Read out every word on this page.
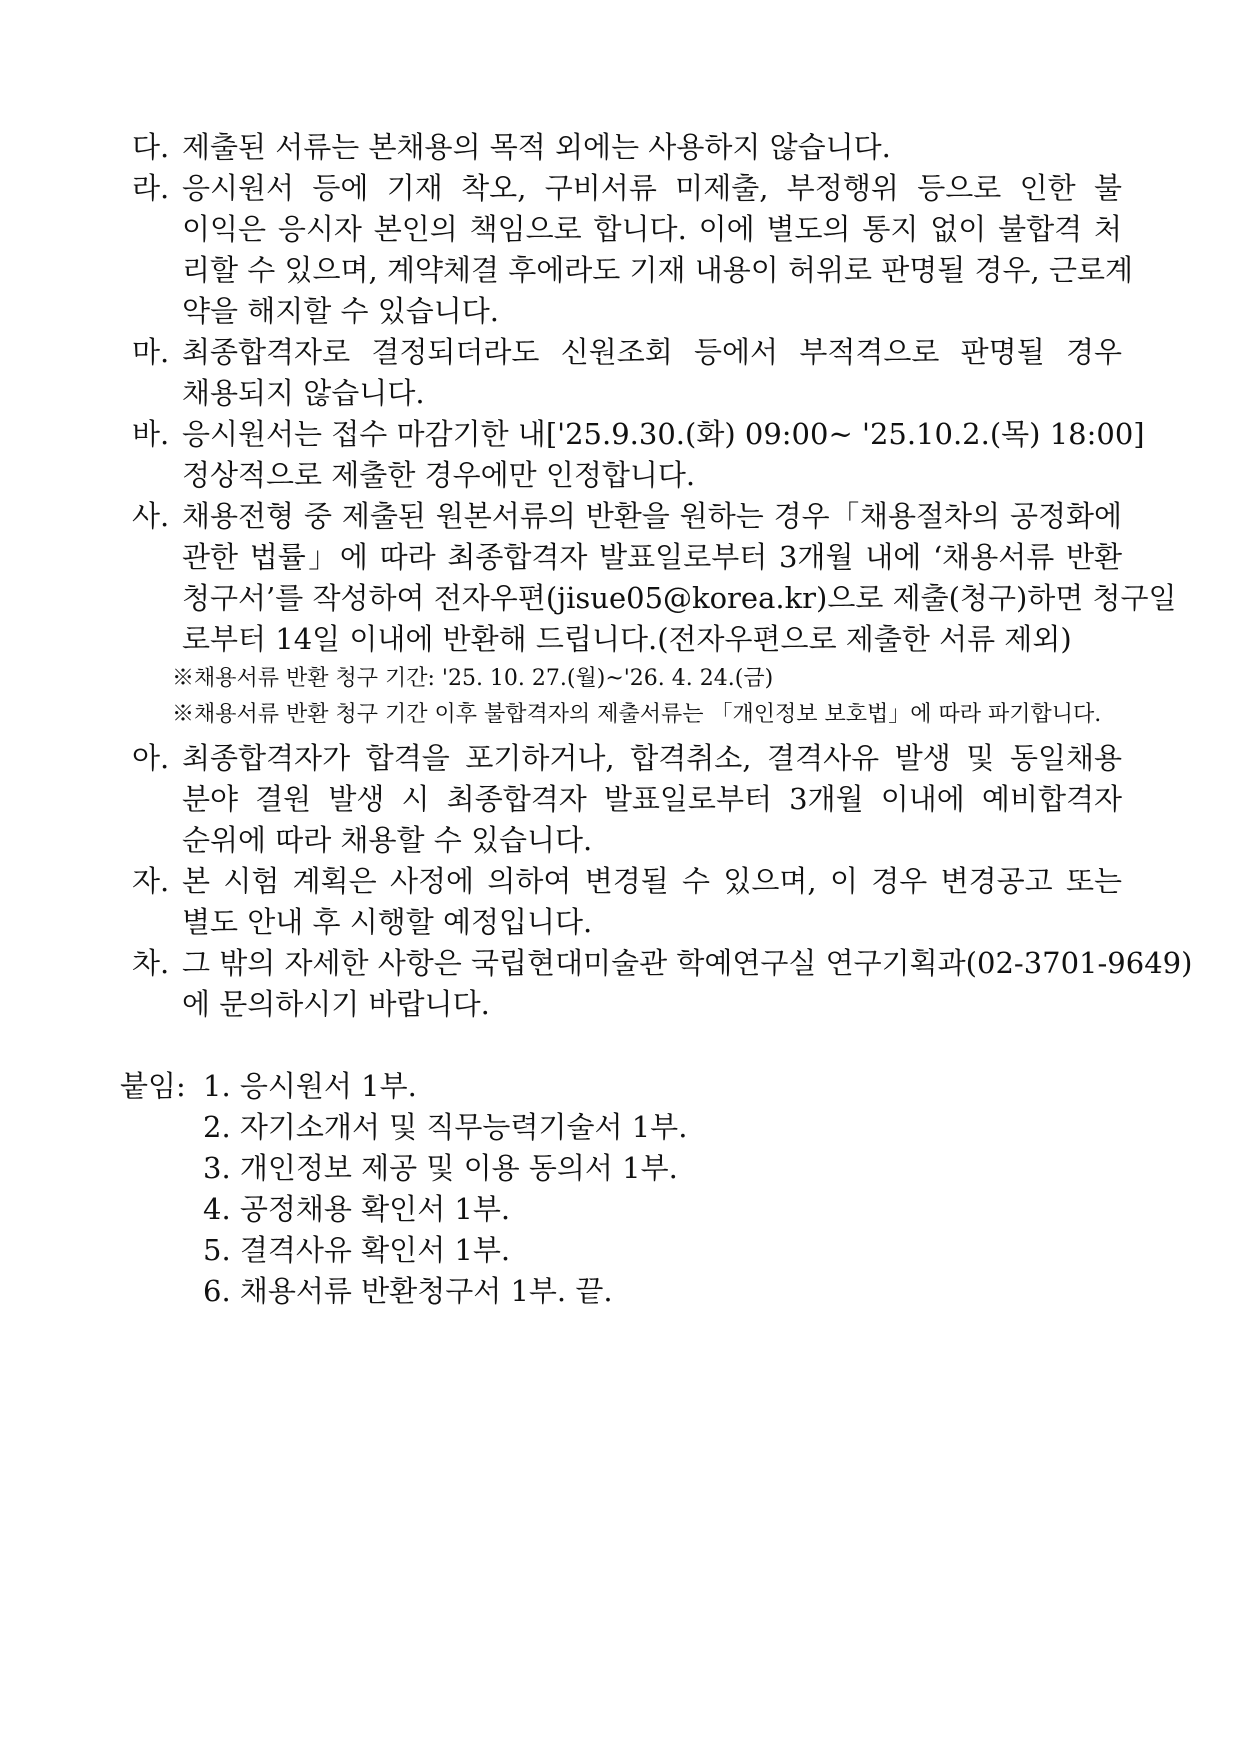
다. 제출된 서류는 본채용의 목적 외에는 사용하지 않습니다.
라. 응시원서 등에 기재 착오, 구비서류 미제출, 부정행위 등으로 인한 불
이익은 응시자 본인의 책임으로 합니다. 이에 별도의 통지 없이 불합격 처
리할 수 있으며, 계약체결 후에라도 기재 내용이 허위로 판명될 경우, 근로계
약을 해지할 수 있습니다.
마. 최종합격자로 결정되더라도 신원조회 등에서 부적격으로 판명될 경우
채용되지 않습니다.
바. 응시원서는 접수 마감기한 내['25.9.30.(화) 09:00~ '25.10.2.(목) 18:00]
정상적으로 제출한 경우에만 인정합니다.
사. 채용전형 중 제출된 원본서류의 반환을 원하는 경우「채용절차의 공정화에
관한 법률」에 따라 최종합격자 발표일로부터 3개월 내에 ‘채용서류 반환
청구서’를 작성하여 전자우편(jisue05@korea.kr)으로 제출(청구)하면 청구일
로부터 14일 이내에 반환해 드립니다.(전자우편으로 제출한 서류 제외)
※채용서류 반환 청구 기간: '25. 10. 27.(월)~'26. 4. 24.(금)
※채용서류 반환 청구 기간 이후 불합격자의 제출서류는 「개인정보 보호법」에 따라 파기합니다.
아. 최종합격자가 합격을 포기하거나, 합격취소, 결격사유 발생 및 동일채용
분야 결원 발생 시 최종합격자 발표일로부터 3개월 이내에 예비합격자
순위에 따라 채용할 수 있습니다.
자. 본 시험 계획은 사정에 의하여 변경될 수 있으며, 이 경우 변경공고 또는
별도 안내 후 시행할 예정입니다.
차. 그 밖의 자세한 사항은 국립현대미술관 학예연구실 연구기획과(02-3701-9649)
에 문의하시기 바랍니다.
붙임: 1. 응시원서 1부.
2. 자기소개서 및 직무능력기술서 1부.
3. 개인정보 제공 및 이용 동의서 1부.
4. 공정채용 확인서 1부.
5. 결격사유 확인서 1부.
6. 채용서류 반환청구서 1부. 끝.
